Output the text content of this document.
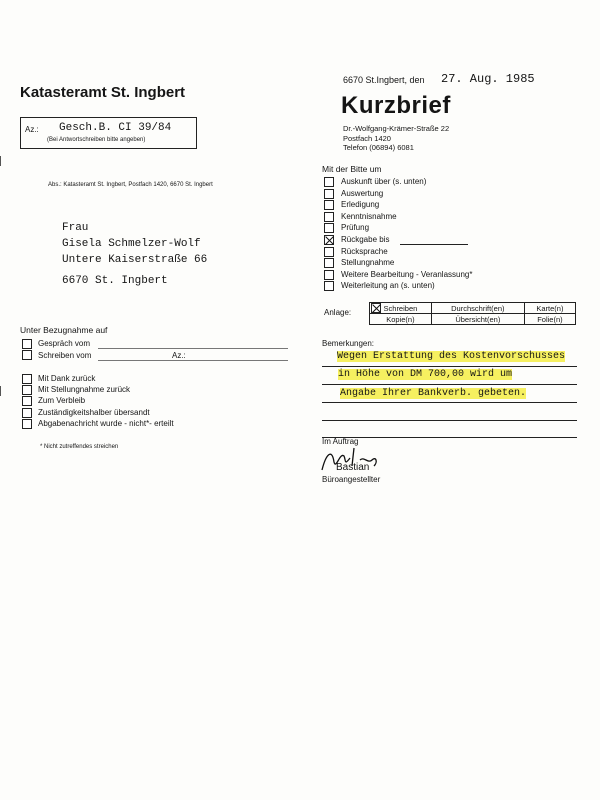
Katasteramt St. Ingbert
6670 St.Ingbert, den 27. Aug. 1985
Kurzbrief
Dr.-Wolfgang-Krämer-Straße 22
Postfach 1420
Telefon (06894) 6081
Az.: Gesch.B. CI 39/84
(Bei Antwortschreiben bitte angeben)
Abs.: Katasteramt St. Ingbert, Postfach 1420, 6670 St. Ingbert
Frau
Gisela Schmelzer-Wolf
Untere Kaiserstraße 66
6670 St. Ingbert
Mit der Bitte um
Auskunft über (s. unten)
Auswertung
Erledigung
Kenntnisnahme
Prüfung
Rückgabe bis
Rücksprache
Stellungnahme
Weitere Bearbeitung - Veranlassung*
Weiterleitung an (s. unten)
Anlage:	Schreiben	Durchschrift(en)	Karte(n)
Kopie(n)	Übersicht(en)	Folie(n)
Unter Bezugnahme auf
Gespräch vom
Schreiben vom	Az.:
Mit Dank zurück
Mit Stellungnahme zurück
Zum Verbleib
Zuständigkeitshalber übersandt
Abgabenachricht wurde - nicht*- erteilt
* Nicht zutreffendes streichen
Bemerkungen:
Wegen Erstattung des Kostenvorschusses
in Höhe von DM 700,00 wird um
Angabe Ihrer Bankverb. gebeten.
Im Auftrag
Bastian
Büroangestellter
